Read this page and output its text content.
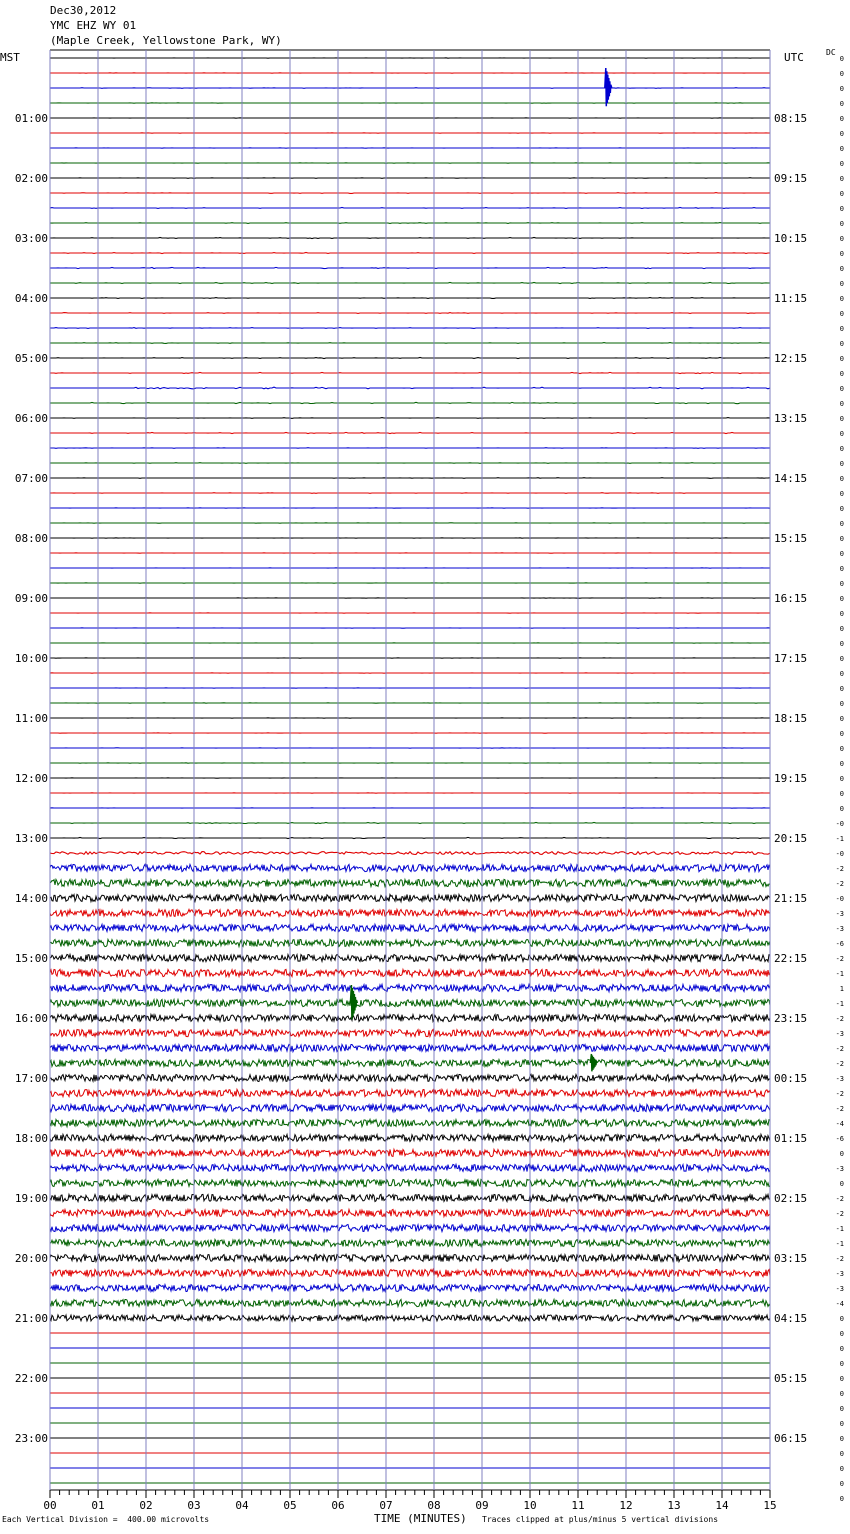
01:00
02:00
03:00
04:00
05:00
06:00
07:00
08:00
09:00
10:00
11:00
12:00
13:00
14:00
15:00
16:00
17:00
18:00
19:00
20:00
21:00
22:00
23:00
08:15
09:15
10:15
11:15
12:15
13:15
14:15
15:15
16:15
17:15
18:15
19:15
20:15
21:15
22:15
23:15
00:15
01:15
02:15
03:15
04:15
05:15
06:15
0
0
0
0
0
0
0
0
0
0
0
0
0
0
0
0
0
0
0
0
0
0
0
0
0
0
0
0
0
0
0
0
0
0
0
0
0
0
0
0
0
0
0
0
0
0
0
0
0
0
0
-0
-1
-0
-2
-2
-0
-3
-3
-6
-2
-1
1
-1
-2
-3
-2
-2
-3
-2
-2
-4
-6
0
-3
0
-2
-2
-1
-1
-2
-3
-3
-4
0
0
0
0
0
0
0
0
0
0
0
0
0
00	01	02	03	04	05	06	07	08	09	10	11	12	13	14	15
Dec30,2012
YMC EHZ WY 01
(Maple Creek, Yellowstone Park, WY)
MST	UTC	DC
Each Vertical Division =  400.00 microvolts	TIME (MINUTES) Traces clipped at plus/minus 5 vertical divisions
